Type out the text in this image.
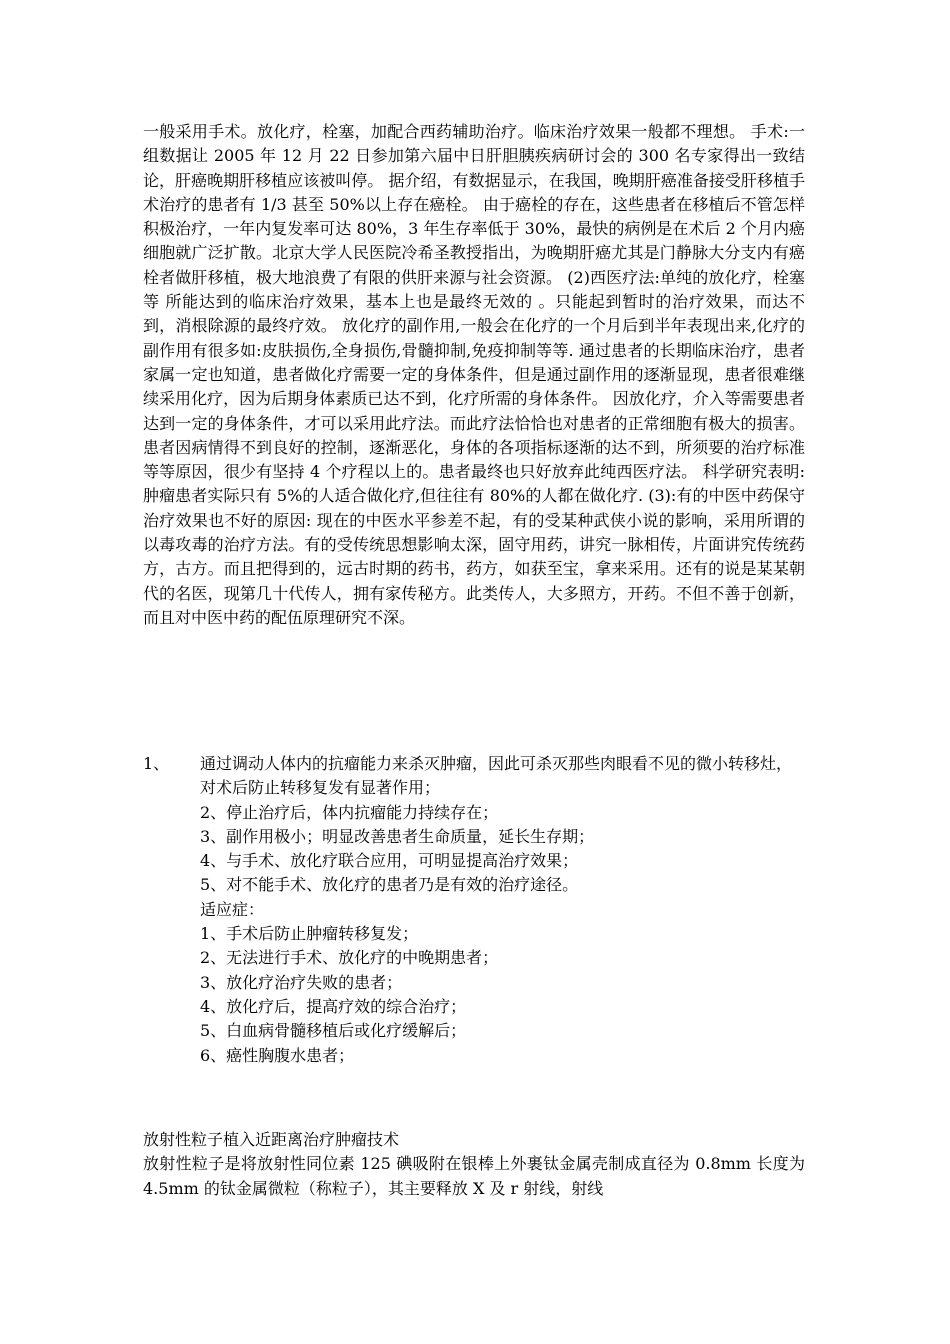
一般采用手术。放化疗，栓塞，加配合西药辅助治疗。临床治疗效果一般都不理想。 手术:一组数据让 2005 年 12 月 22 日参加第六届中日肝胆胰疾病研讨会的 300 名专家得出一致结论，肝癌晚期肝移植应该被叫停。 据介绍，有数据显示，在我国，晚期肝癌准备接受肝移植手术治疗的患者有 1/3 甚至 50%以上存在癌栓。 由于癌栓的存在，这些患者在移植后不管怎样积极治疗，一年内复发率可达 80%，3 年生存率低于 30%，最快的病例是在术后 2 个月内癌细胞就广泛扩散。北京大学人民医院冷希圣教授指出，为晚期肝癌尤其是门静脉大分支内有癌栓者做肝移植，极大地浪费了有限的供肝来源与社会资源。 (2)西医疗法:单纯的放化疗，栓塞等 所能达到的临床治疗效果，基本上也是最终无效的 。只能起到暂时的治疗效果，而达不到，消根除源的最终疗效。 放化疗的副作用,一般会在化疗的一个月后到半年表现出来,化疗的副作用有很多如:皮肤损伤,全身损伤,骨髓抑制,免疫抑制等等. 通过患者的长期临床治疗，患者家属一定也知道，患者做化疗需要一定的身体条件，但是通过副作用的逐渐显现，患者很难继续采用化疗，因为后期身体素质已达不到，化疗所需的身体条件。 因放化疗，介入等需要患者达到一定的身体条件，才可以采用此疗法。而此疗法恰恰也对患者的正常细胞有极大的损害。患者因病情得不到良好的控制，逐渐恶化，身体的各项指标逐渐的达不到，所须要的治疗标准等等原因，很少有坚持 4 个疗程以上的。患者最终也只好放弃此纯西医疗法。 科学研究表明:肿瘤患者实际只有 5%的人适合做化疗,但往往有 80%的人都在做化疗. (3):有的中医中药保守治疗效果也不好的原因: 现在的中医水平参差不起，有的受某种武侠小说的影响，采用所谓的以毒攻毒的治疗方法。有的受传统思想影响太深，固守用药，讲究一脉相传，片面讲究传统药方，古方。而且把得到的，远古时期的药书，药方，如获至宝，拿来采用。还有的说是某某朝代的名医，现第几十代传人，拥有家传秘方。此类传人，大多照方，开药。不但不善于创新，而且对中医中药的配伍原理研究不深。

1、 通过调动人体内的抗瘤能力来杀灭肿瘤，因此可杀灭那些肉眼看不见的微小转移灶，对术后防止转移复发有显著作用；
2、停止治疗后，体内抗瘤能力持续存在；
3、副作用极小；明显改善患者生命质量，延长生存期；
4、与手术、放化疗联合应用，可明显提高治疗效果；
5、对不能手术、放化疗的患者乃是有效的治疗途径。
适应症：
1、手术后防止肿瘤转移复发；
2、无法进行手术、放化疗的中晚期患者；
3、放化疗治疗失败的患者；
4、放化疗后，提高疗效的综合治疗；
5、白血病骨髓移植后或化疗缓解后；
6、癌性胸腹水患者；
放射性粒子植入近距离治疗肿瘤技术
放射性粒子是将放射性同位素 125 碘吸附在银棒上外裹钛金属壳制成直径为 0.8mm 长度为 4.5mm 的钛金属微粒（称粒子），其主要释放 X 及 r 射线，射线
